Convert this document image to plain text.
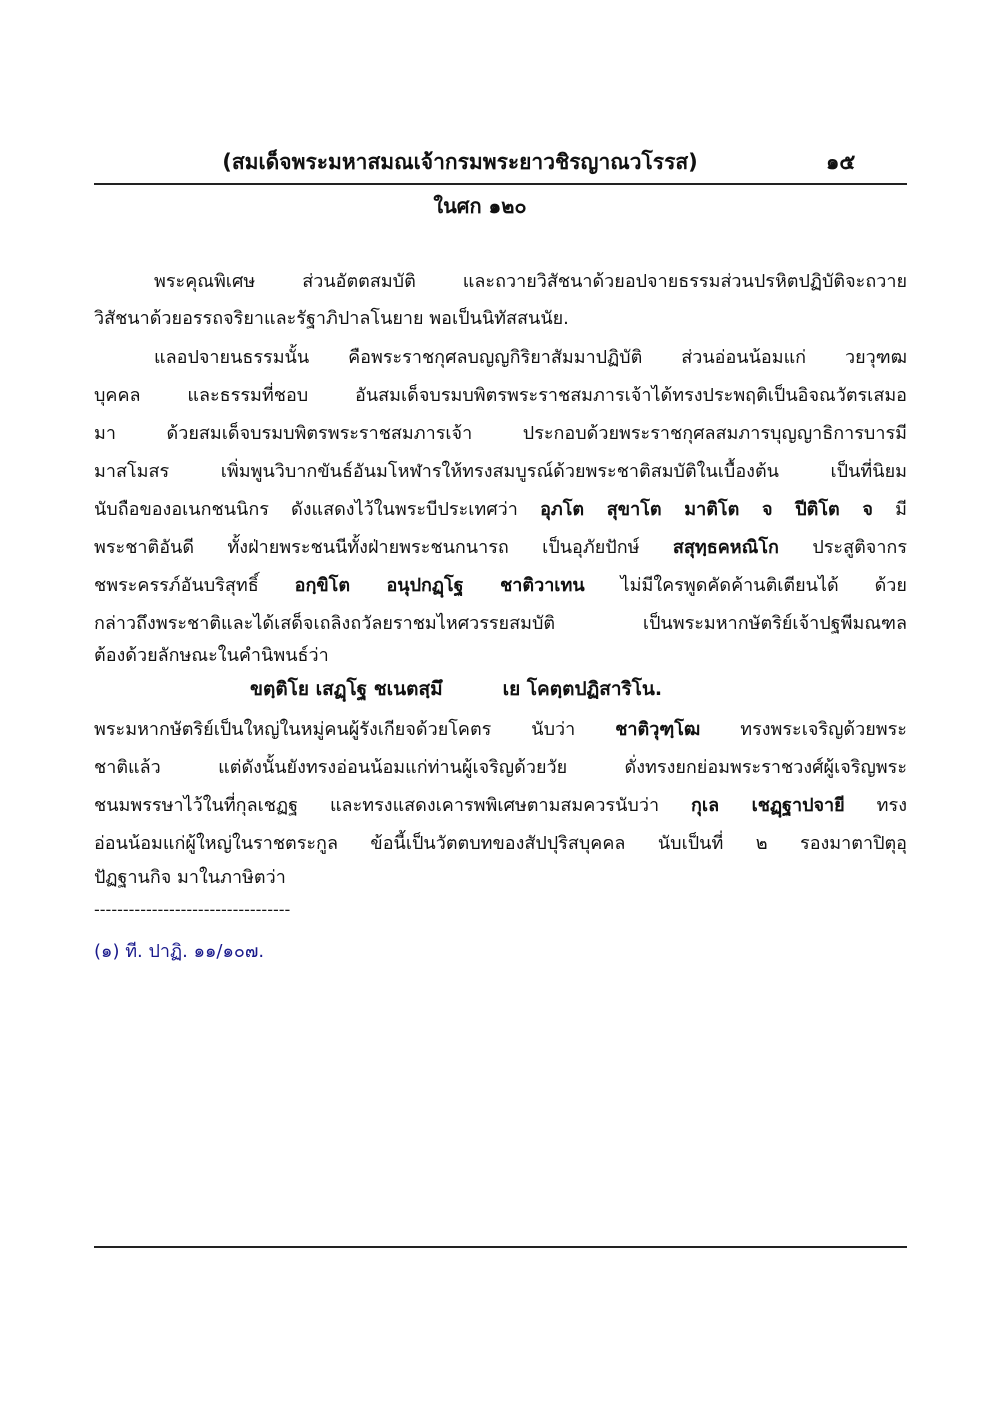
(สมเด็จพระมหาสมณเจ้ากรมพระยาวชิรญาณวโรรส)	๑๕
ในศก ๑๒๐
พระคุณพิเศษ ส่วนอัตตสมบัติ และถวายวิสัชนาด้วยอปจายธรรมส่วนปรหิตปฏิบัติจะถวาย
วิสัชนาด้วยอรรถจริยาและรัฐาภิปาลโนยาย พอเป็นนิทัสสนนัย.
แลอปจายนธรรมนั้น คือพระราชกุศลบญญกิริยาสัมมาปฏิบัติ ส่วนอ่อนน้อมแก่ วยวุฑฒ
บุคคล และธรรมที่ชอบ อันสมเด็จบรมบพิตรพระราชสมภารเจ้าได้ทรงประพฤติเป็นอิจณวัตรเสมอ
มา ด้วยสมเด็จบรมบพิตรพระราชสมภารเจ้า ประกอบด้วยพระราชกุศลสมภารบุญญาธิการบารมี
มาสโมสร เพิ่มพูนวิบากขันธ์อันมโหฬารให้ทรงสมบูรณ์ด้วยพระชาติสมบัติในเบื้องต้น เป็นที่นิยม
นับถือของอเนกชนนิกร ดังแสดงไว้ในพระบีประเทศว่า อุภโต สุขาโต มาติโต จ ปีติโต จ มี
พระชาติอันดี ทั้งฝ่ายพระชนนีทั้งฝ่ายพระชนกนารถ เป็นอุภัยปักษ์ สสุทฺธคหณิโก ประสูติจากร
ชพระครรภ์อันบริสุทธิ์ อกฺขิโต อนุปกฏฺโฐ ชาติวาเทน ไม่มีใครพูดคัดค้านติเตียนได้ ด้วย
กล่าวถึงพระชาติและได้เสด็จเถลิงถวัลยราชมไหศวรรยสมบัติ เป็นพระมหากษัตริย์เจ้าปฐพีมณฑล
ต้องด้วยลักษณะในคำนิพนธ์ว่า
ขตฺติโย เสฏฺโฐ ชเนตสฺมึ	เย โคตฺตปฏิสาริโน.
พระมหากษัตริย์เป็นใหญ่ในหมู่คนผู้รังเกียจด้วยโคตร นับว่า ชาติวุฑฺโฒ ทรงพระเจริญด้วยพระ
ชาติแล้ว แต่ดังนั้นยังทรงอ่อนน้อมแก่ท่านผู้เจริญด้วยวัย ดั่งทรงยกย่อมพระราชวงศ์ผู้เจริญพระ
ชนมพรรษาไว้ในที่กุลเชฏฐ และทรงแสดงเคารพพิเศษตามสมควรนับว่า กุเล เชฏฺฐาปจายี ทรง
อ่อนน้อมแก่ผู้ใหญ่ในราชตระกูล ข้อนี้เป็นวัตตบทของสัปปุริสบุคคล นับเป็นที่ ๒ รองมาตาปิตุอุ
ปัฏฐานกิจ มาในภาษิตว่า
----------------------------------
(๑) ที. ปาฏิ. ๑๑/๑๐๗.
